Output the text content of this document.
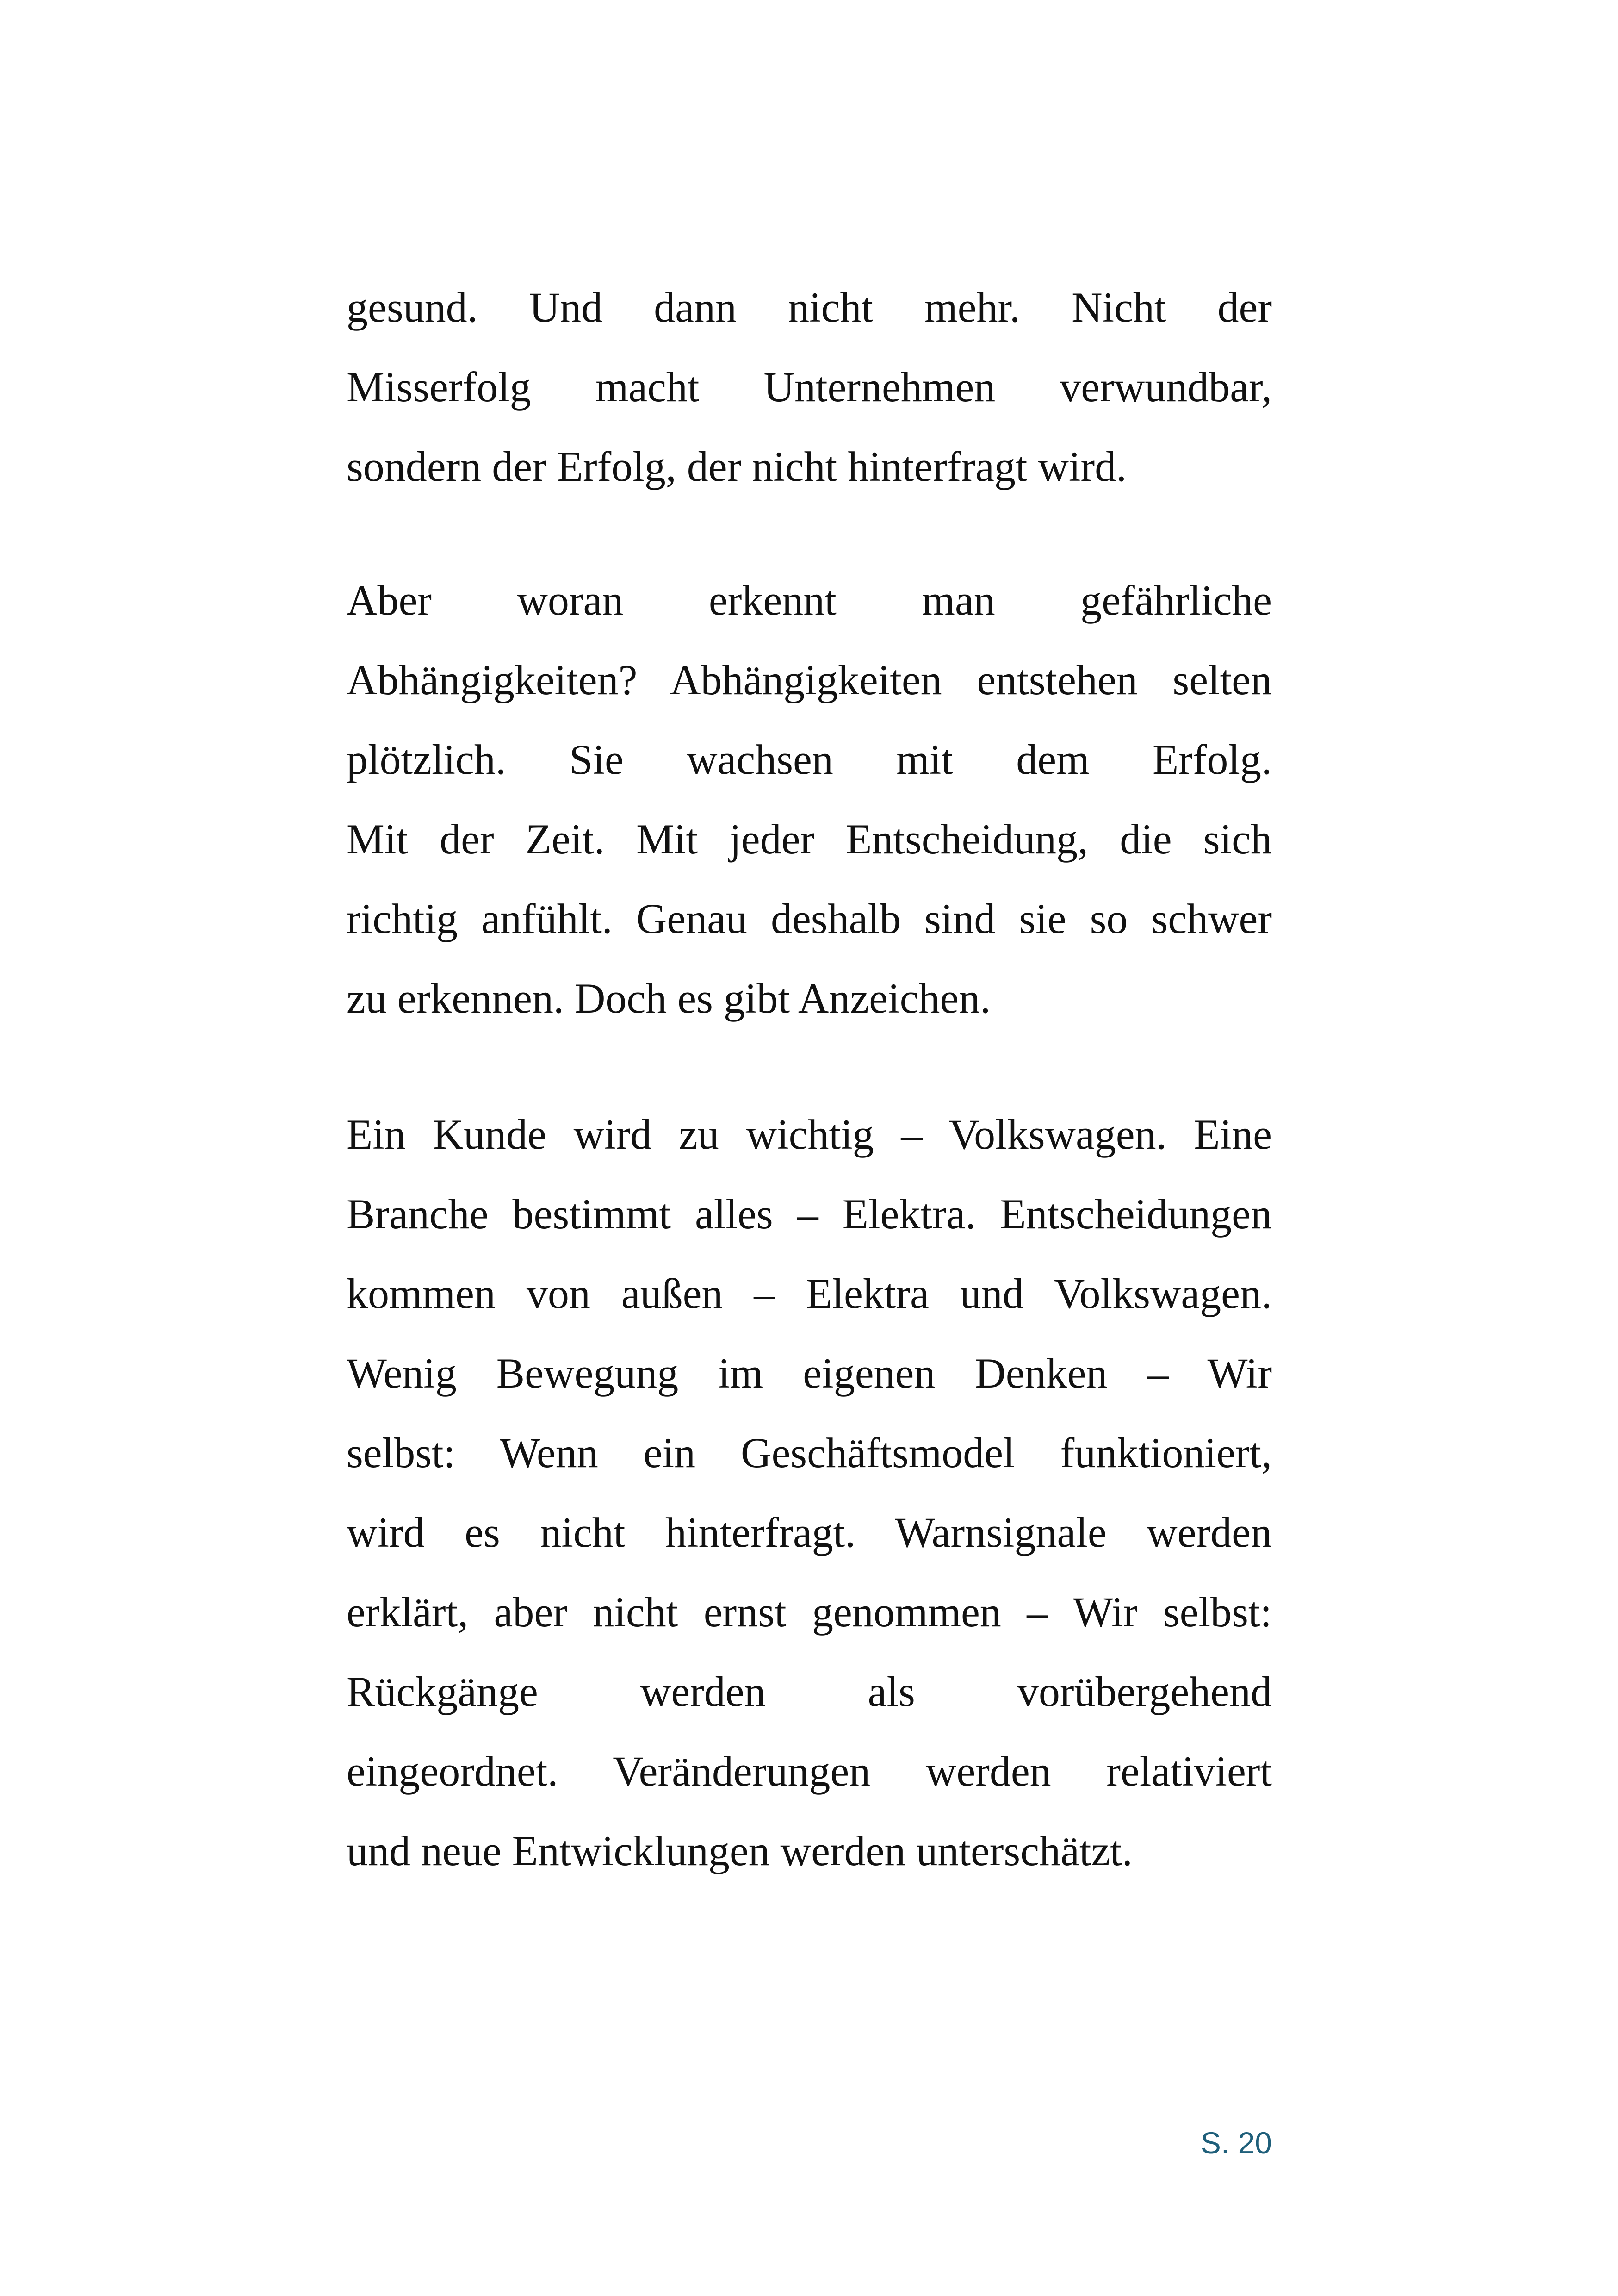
gesund. Und dann nicht mehr. Nicht der
Misserfolg macht Unternehmen verwundbar,
sondern der Erfolg, der nicht hinterfragt wird.
Aber woran erkennt man gefährliche
Abhängigkeiten? Abhängigkeiten entstehen selten
plötzlich. Sie wachsen mit dem Erfolg.
Mit der Zeit. Mit jeder Entscheidung, die sich
richtig anfühlt. Genau deshalb sind sie so schwer
zu erkennen. Doch es gibt Anzeichen.
Ein Kunde wird zu wichtig – Volkswagen. Eine
Branche bestimmt alles – Elektra. Entscheidungen
kommen von außen – Elektra und Volkswagen.
Wenig Bewegung im eigenen Denken – Wir
selbst: Wenn ein Geschäftsmodel funktioniert,
wird es nicht hinterfragt. Warnsignale werden
erklärt, aber nicht ernst genommen – Wir selbst:
Rückgänge werden als vorübergehend
eingeordnet. Veränderungen werden relativiert
und neue Entwicklungen werden unterschätzt.
S. 20
